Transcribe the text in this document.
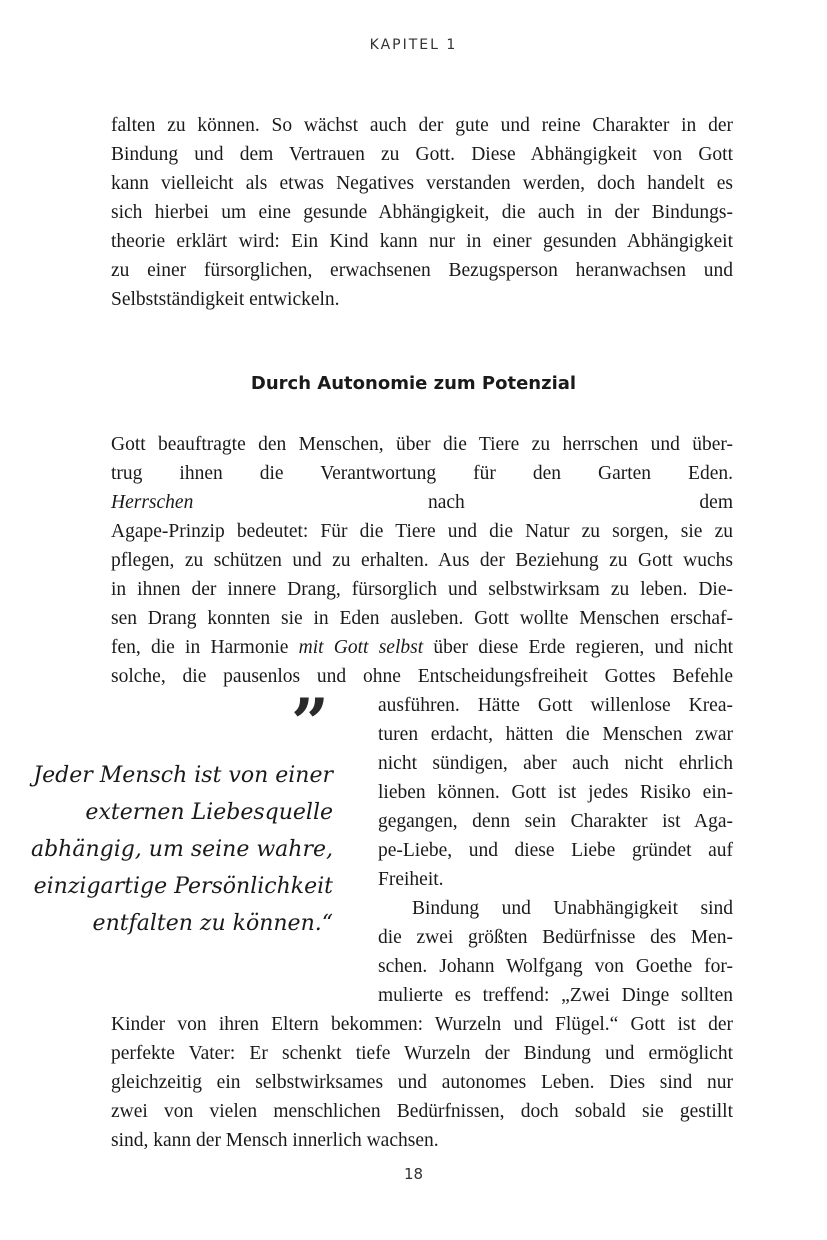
KAPITEL 1
falten zu können. So wächst auch der gute und reine Charakter in der
Bindung und dem Vertrauen zu Gott. Diese Abhängigkeit von Gott
kann vielleicht als etwas Negatives verstanden werden, doch handelt es
sich hierbei um eine gesunde Abhängigkeit, die auch in der Bindungs-
theorie erklärt wird: Ein Kind kann nur in einer gesunden Abhängigkeit
zu einer fürsorglichen, erwachsenen Bezugsperson heranwachsen und
Selbstständigkeit entwickeln.
Durch Autonomie zum Potenzial
Gott beauftragte den Menschen, über die Tiere zu herrschen und über-
trug ihnen die Verantwortung für den Garten Eden.
Herrschen	nach dem
Agape-Prinzip bedeutet: Für die Tiere und die Natur zu sorgen, sie zu
pflegen, zu schützen und zu erhalten. Aus der Beziehung zu Gott wuchs
in ihnen der innere Drang, fürsorglich und selbstwirksam zu leben. Die-
sen Drang konnten sie in Eden ausleben. Gott wollte Menschen erschaf-
fen, die in Harmonie mit Gott selbst über diese Erde regieren, und nicht
solche, die pausenlos und ohne Entscheidungsfreiheit Gottes Befehle
ausführen. Hätte Gott willenlose Krea-
turen erdacht, hätten die Menschen zwar
nicht sündigen, aber auch nicht ehrlich
lieben können. Gott ist jedes Risiko ein-
gegangen, denn sein Charakter ist Aga-
pe-Liebe, und diese Liebe gründet auf
Freiheit.
Bindung und Unabhängigkeit sind
die zwei größten Bedürfnisse des Men-
schen. Johann Wolfgang von Goethe for-
mulierte es treffend: „Zwei Dinge sollten
Kinder von ihren Eltern bekommen: Wurzeln und Flügel.“ Gott ist der
perfekte Vater: Er schenkt tiefe Wurzeln der Bindung und ermöglicht
gleichzeitig ein selbstwirksames und autonomes Leben. Dies sind nur
zwei von vielen menschlichen Bedürfnissen, doch sobald sie gestillt
sind, kann der Mensch innerlich wachsen.
”
Jeder Mensch ist von einer
externen Liebesquelle
abhängig, um seine wahre,
einzigartige Persönlichkeit
entfalten zu können.“
18
